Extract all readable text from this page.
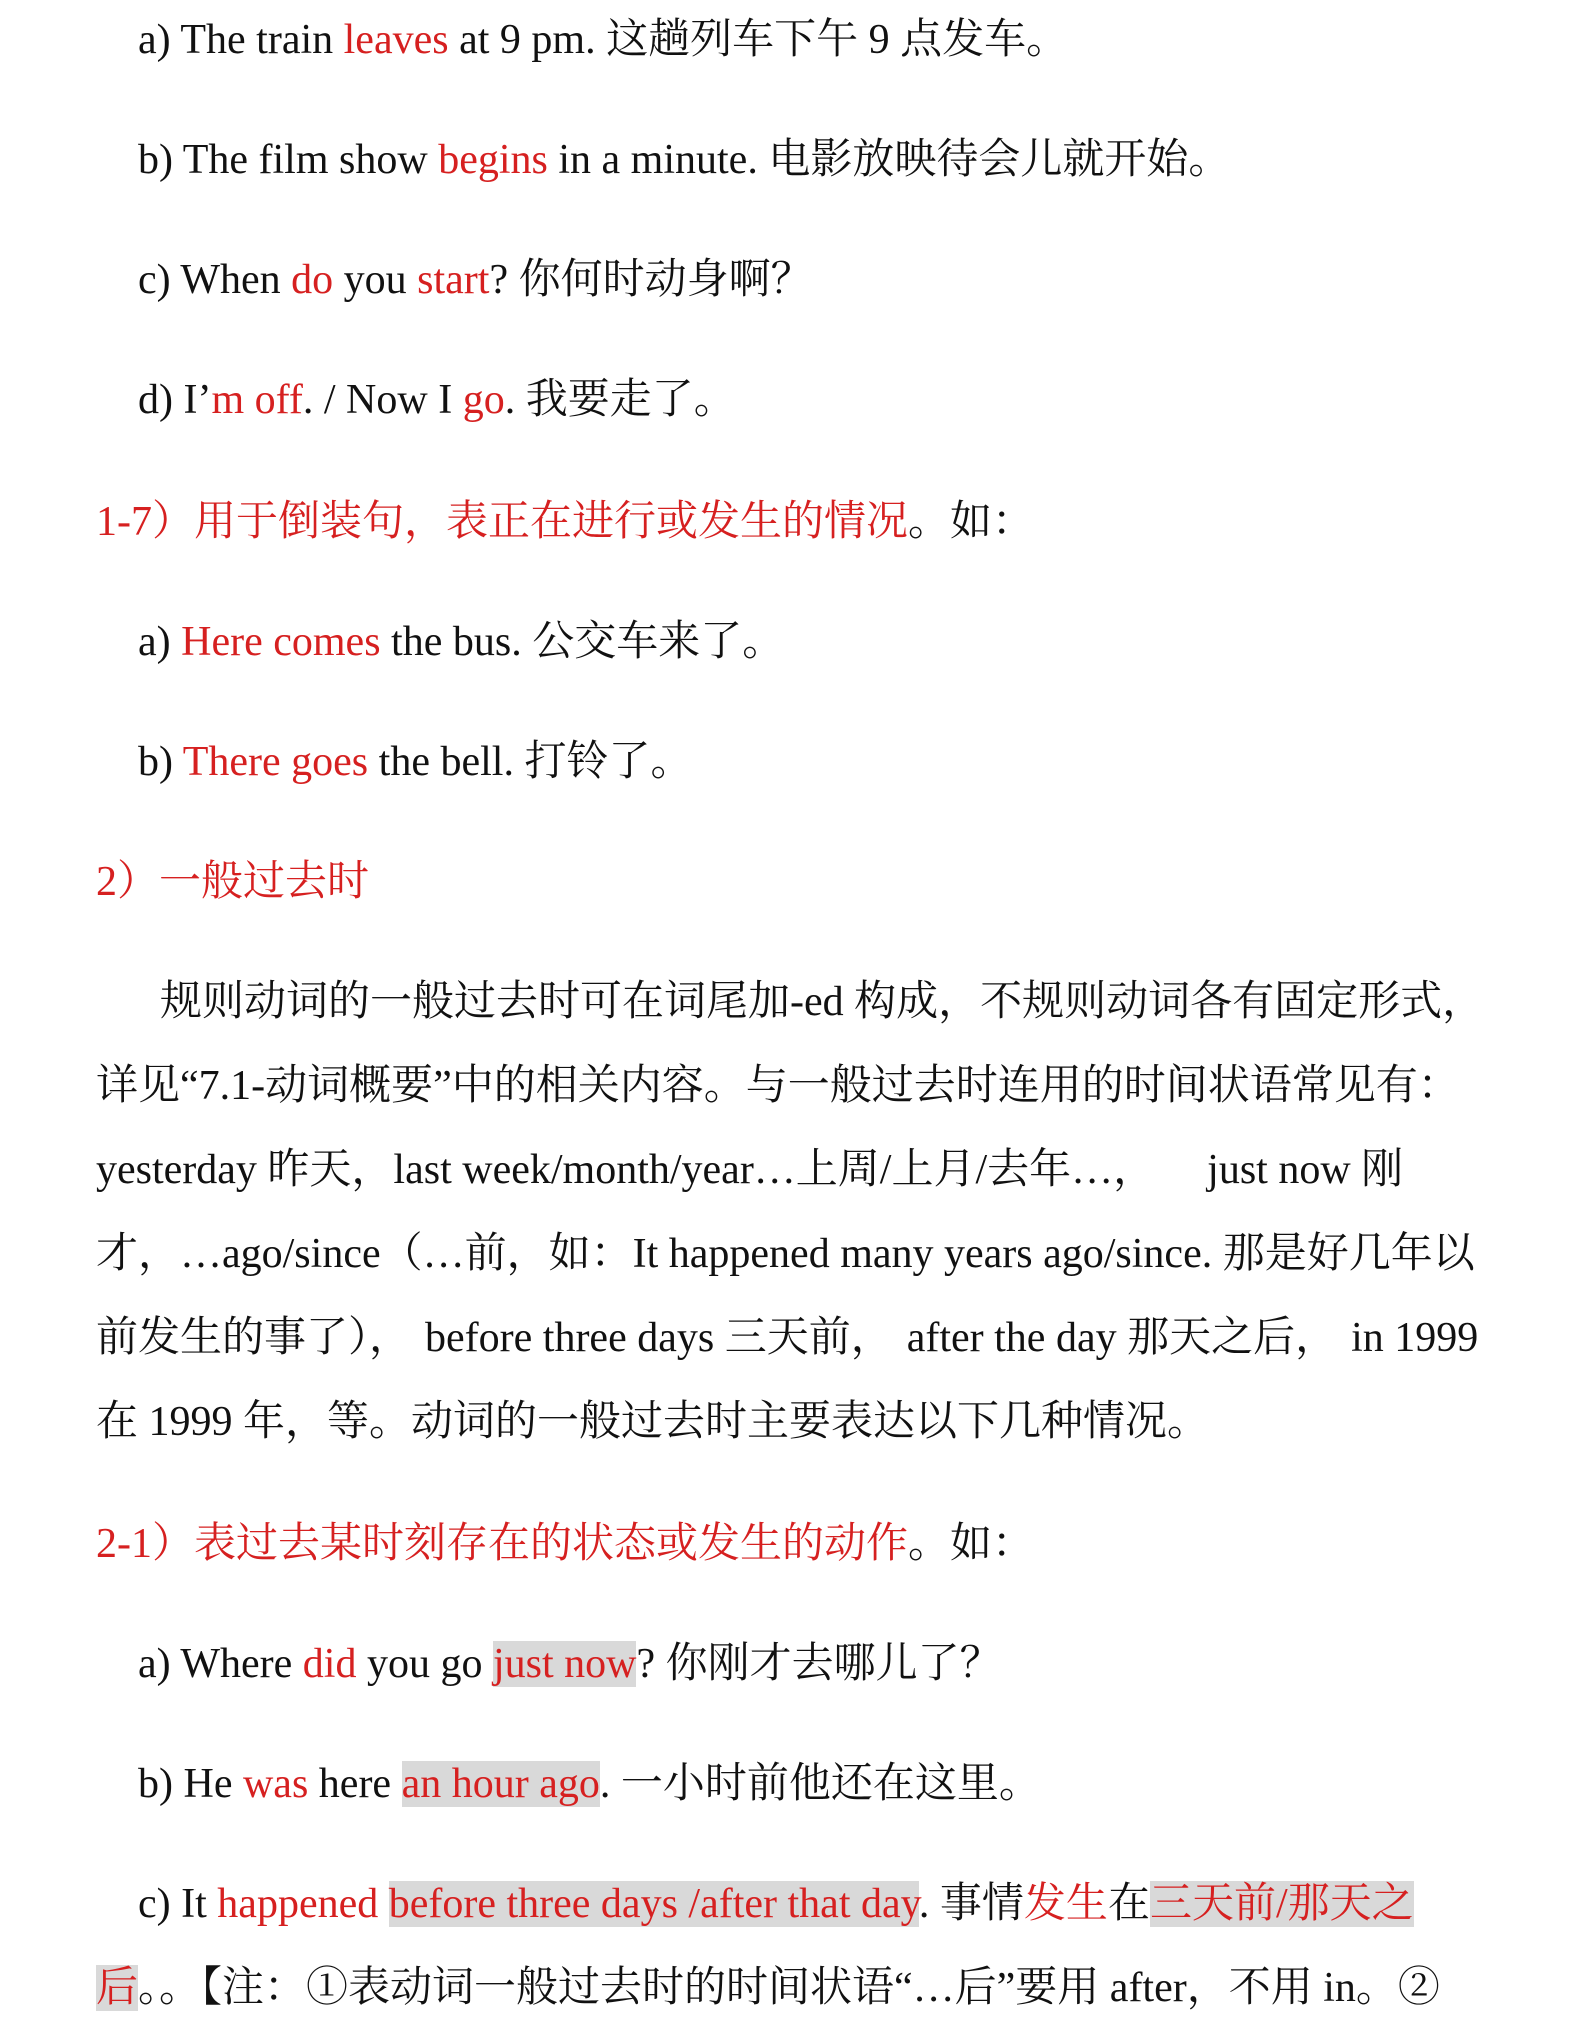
a) The train leaves at 9 pm. 这趟列车下午 9 点发车。
b) The film show begins in a minute. 电影放映待会儿就开始。
c) When do you start? 你何时动身啊？
d) I’m off. / Now I go. 我要走了。
1-7）用于倒装句，表正在进行或发生的情况。如：
a) Here comes the bus. 公交车来了。
b) There goes the bell. 打铃了。
2）一般过去时
规则动词的一般过去时可在词尾加-ed 构成，不规则动词各有固定形式，
详见“7.1-动词概要”中的相关内容。与一般过去时连用的时间状语常见有：
yesterday 昨天，last week/month/year…上周/上月/去年…， just now 刚
才，…ago/since（…前，如：It happened many years ago/since. 那是好几年以
前发生的事了）， before three days 三天前， after the day 那天之后， in 1999
在 1999 年，等。动词的一般过去时主要表达以下几种情况。
2-1）表过去某时刻存在的状态或发生的动作。如：
a) Where did you go just now? 你刚才去哪儿了？
b) He was here an hour ago. 一小时前他还在这里。
c) It happened before three days /after that day. 事情发生在三天前/那天之
后。。【注：①表动词一般过去时的时间状语“…后”要用 after，不用 in。②
